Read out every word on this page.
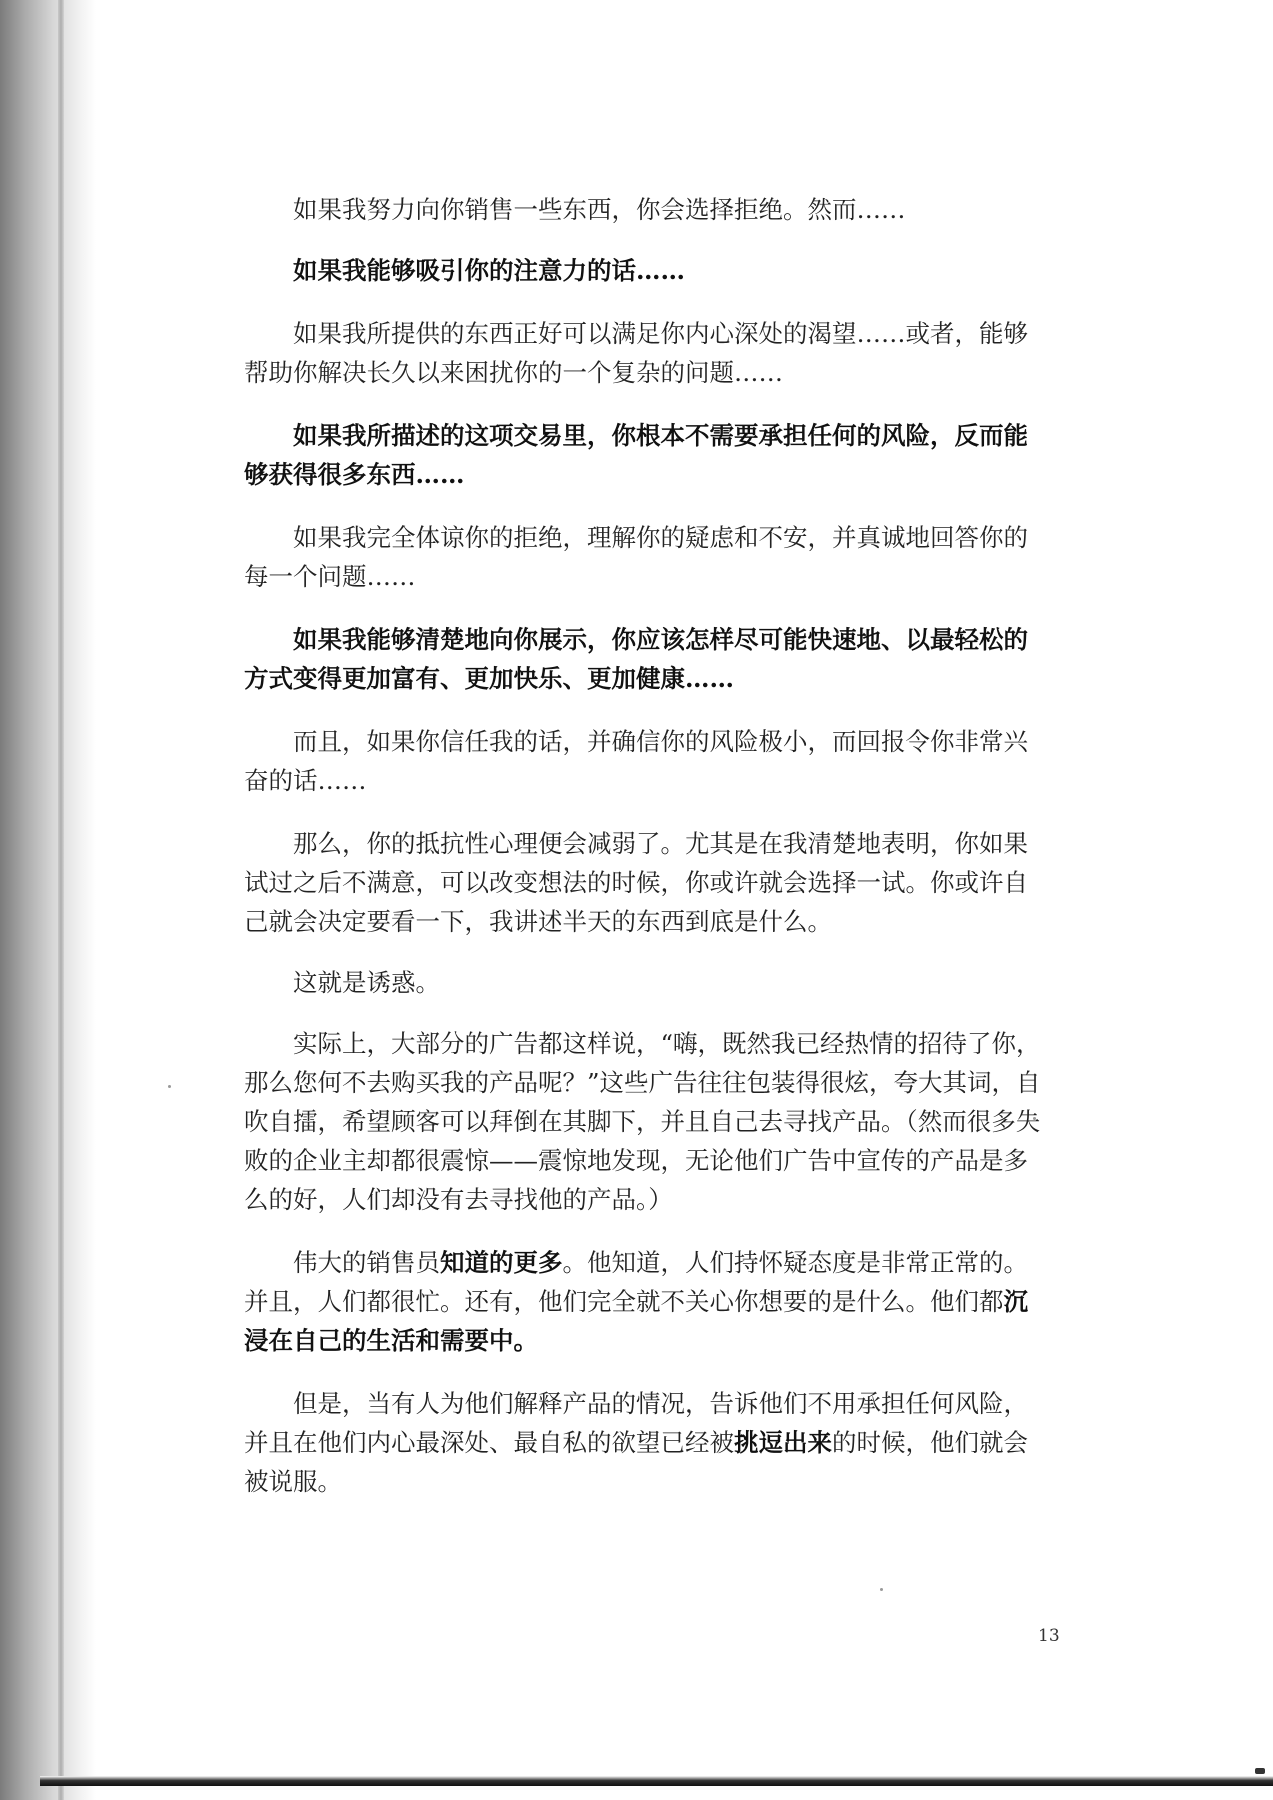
如果我努力向你销售一些东西，你会选择拒绝。然而……

如果我能够吸引你的注意力的话……

如果我所提供的东西正好可以满足你内心深处的渴望……或者，能够帮助你解决长久以来困扰你的一个复杂的问题……

如果我所描述的这项交易里，你根本不需要承担任何的风险，反而能够获得很多东西……

如果我完全体谅你的拒绝，理解你的疑虑和不安，并真诚地回答你的每一个问题……

如果我能够清楚地向你展示，你应该怎样尽可能快速地、以最轻松的方式变得更加富有、更加快乐、更加健康……

而且，如果你信任我的话，并确信你的风险极小，而回报令你非常兴奋的话……

那么，你的抵抗性心理便会减弱了。尤其是在我清楚地表明，你如果试过之后不满意，可以改变想法的时候，你或许就会选择一试。你或许自己就会决定要看一下，我讲述半天的东西到底是什么。

这就是诱惑。

实际上，大部分的广告都这样说，“嗨，既然我已经热情的招待了你，那么您何不去购买我的产品呢？”这些广告往往包装得很炫，夸大其词，自吹自擂，希望顾客可以拜倒在其脚下，并且自己去寻找产品。（然而很多失败的企业主却都很震惊——震惊地发现，无论他们广告中宣传的产品是多么的好，人们却没有去寻找他的产品。）

伟大的销售员知道的更多。他知道，人们持怀疑态度是非常正常的。并且，人们都很忙。还有，他们完全就不关心你想要的是什么。他们都沉浸在自己的生活和需要中。

但是，当有人为他们解释产品的情况，告诉他们不用承担任何风险，并且在他们内心最深处、最自私的欲望已经被挑逗出来的时候，他们就会被说服。

13
